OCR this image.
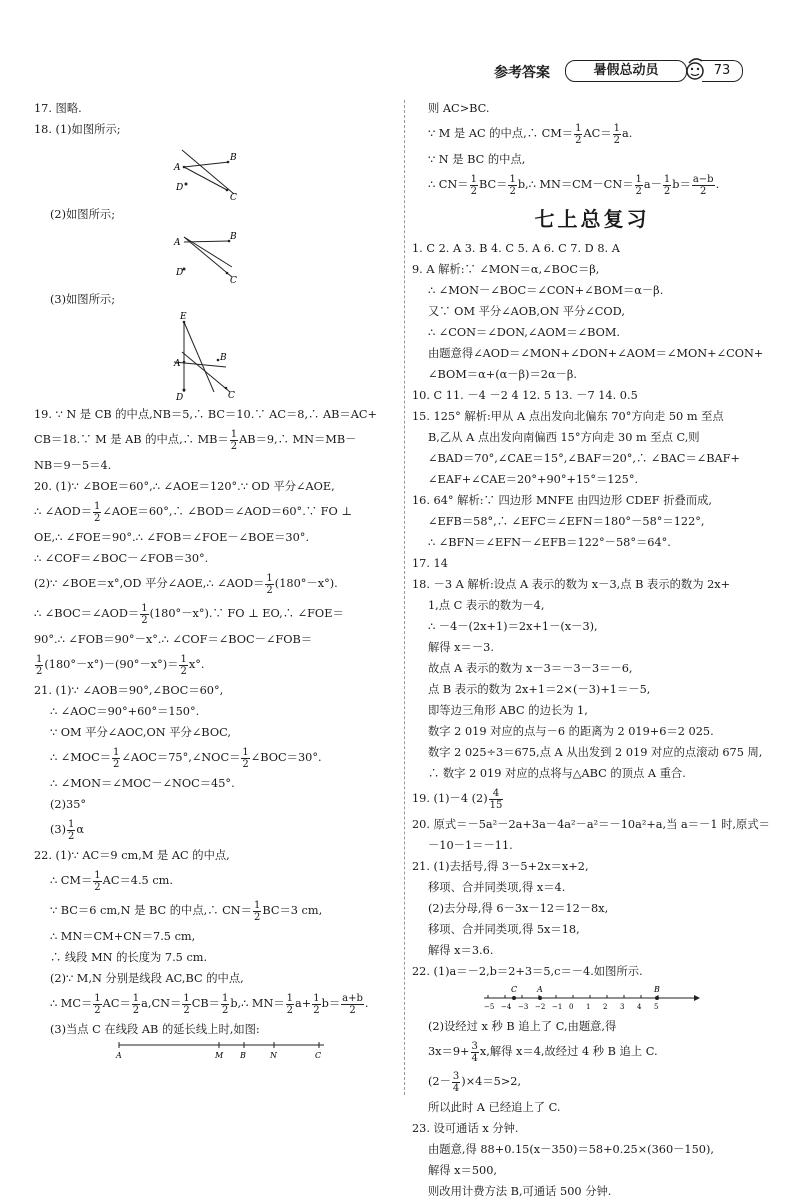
参考答案	暑假总动员	73
17. 图略.
18. (1)如图所示;
A
B
C
D
(2)如图所示;
A
B
C
D
(3)如图所示;
E
A
B
C
D
19. ∵ N 是 CB 的中点,NB＝5,∴ BC＝10.∵ AC＝8,∴ AB＝AC+
CB＝18.∵ M 是 AB 的中点,∴ $MB= \frac{1}{2}$ AB＝9,∴ MN＝MB－
NB＝9－5＝4.
20. (1)∵ ∠BOE＝60°,∴ ∠AOE＝120°.∵ OD 平分∠AOE,
∴ ∠AOD＝ $\frac{1}{2}$ ∠AOE＝60°,∴ ∠BOD＝∠AOD＝60°.∵ FO ⊥
OE,∴ ∠FOE＝90°.∴ ∠FOB＝∠FOE－∠BOE＝30°.
∴ ∠COF＝∠BOC－∠FOB＝30°.
(2)∵ ∠BOE＝x°,OD 平分∠AOE,∴ ∠AOD＝ $\frac{1}{2} (180^\circ-x^\circ)$.
∴ ∠BOC＝∠AOD＝ $\frac{1}{2}$ (180°－x°).∵ FO ⊥ EO,∴ ∠FOE＝
90°.∴ ∠FOB＝90°－x°.∴ ∠COF＝∠BOC－∠FOB＝
$\frac{1}{2} (180^\circ-x^\circ)-(90^\circ-x^\circ)= \frac{1}{2} x^\circ$.
21. (1)∵ ∠AOB＝90°,∠BOC＝60°,
∴ ∠AOC＝90°+60°＝150°.
∵ OM 平分∠AOC,ON 平分∠BOC,
∴ ∠MOC＝ $\frac{1}{2}$ ∠AOC＝75°,∠NOC＝ $\frac{1}{2}$ ∠BOC＝30°.
∴ ∠MON＝∠MOC－∠NOC＝45°.
(2)35°
$(3) \frac{1}{2}$ α
22. (1)∵ AC＝9 cm,M 是 AC 的中点,
∴ $CM= \frac{1}{2} AC=4.5$ cm.
∵ BC＝6 cm,N 是 BC 的中点,∴ $CN= \frac{1}{2} BC=3$ cm,
∴ MN＝CM+CN＝7.5 cm,
∴ 线段 MN 的长度为 7.5 cm.
(2)∵ M,N 分别是线段 AC,BC 的中点,
∴ $MC= \frac{1}{2} AC= \frac{1}{2} a,CN= \frac{1}{2} CB= \frac{1}{2}$ b,∴ $MN= \frac{1}{2} a+ \frac{1}{2} b= \frac{a+b}{2}$ .
(3)当点 C 在线段 AB 的延长线上时,如图:
A	M B	N	C
则 AC>BC.
∵ M 是 AC 的中点,∴ $CM= \frac{1}{2} AC= \frac{1}{2} a$.
∵ N 是 BC 的中点,
∴ $CN= \frac{1}{2} BC= \frac{1}{2}$ b,∴ $MN=CM-CN= \frac{1}{2} a- \frac{1}{2} b= \frac{a-b}{2}$ .
七上总复习
1. C 2. A 3. B 4. C 5. A 6. C 7. D 8. A
9. A 解析:∵ ∠MON＝α,∠BOC＝β,
∴ ∠MON－∠BOC＝∠CON+∠BOM＝α－β.
又∵ OM 平分∠AOB,ON 平分∠COD,
∴ ∠CON＝∠DON,∠AOM＝∠BOM.
由题意得∠AOD＝∠MON+∠DON+∠AOM＝∠MON+∠CON+
∠BOM＝α+(α－β)＝2α－β.
10. C 11. －4 －2 4 12. 5 13. －7 14. 0.5
15. 125° 解析:甲从 A 点出发向北偏东 70°方向走 50 m 至点
B,乙从 A 点出发向南偏西 15°方向走 30 m 至点 C,则
∠BAD＝70°,∠CAE＝15°,∠BAF＝20°,∴ ∠BAC＝∠BAF+
∠EAF+∠CAE＝20°+90°+15°＝125°.
16. 64° 解析:∵ 四边形 MNFE 由四边形 CDEF 折叠而成,
∠EFB＝58°,∴ ∠EFC＝∠EFN＝180°－58°＝122°,
∴ ∠BFN＝∠EFN－∠EFB＝122°－58°＝64°.
17. 14
18. －3 A 解析:设点 A 表示的数为 x－3,点 B 表示的数为 2x+
1,点 C 表示的数为－4,
∴ －4－(2x+1)＝2x+1－(x－3),
解得 x＝－3.
故点 A 表示的数为 x－3＝－3－3＝－6,
点 B 表示的数为 2x+1＝2×(－3)+1＝－5,
即等边三角形 ABC 的边长为 1,
数字 2 019 对应的点与－6 的距离为 2 019+6＝2 025.
数字 2 025÷3＝675,点 A 从出发到 2 019 对应的点滚动 675 周,
∴ 数字 2 019 对应的点将与△ABC 的顶点 A 重合.
19. (1)－4 $(2) \frac{4}{15}$
20. 原式＝－5a²－2a+3a－4a²－a²＝－10a²+a,当 a＝－1 时,原式＝
－10－1＝－11.
21. (1)去括号,得 3－5+2x＝x+2,
移项、合并同类项,得 x＝4.
(2)去分母,得 6－3x－12＝12－8x,
移项、合并同类项,得 5x＝18,
解得 x＝3.6.
22. (1)a＝－2,b＝2+3＝5,c＝－4.如图所示.
−5 −4 −3 −2 −1 0 1 2 3 4 5
C A	B
(2)设经过 x 秒 B 追上了 C,由题意,得
$3x=9+ \frac{3}{4} x$,解得 x＝4,故经过 4 秒 B 追上 C.
$(2- \frac{3}{4} )\times 4=5>2$,
所以此时 A 已经追上了 C.
23. 设可通话 x 分钟.
由题意,得 88+0.15(x－350)＝58+0.25×(360－150),
解得 x＝500,
则改用计费方法 B,可通话 500 分钟.
